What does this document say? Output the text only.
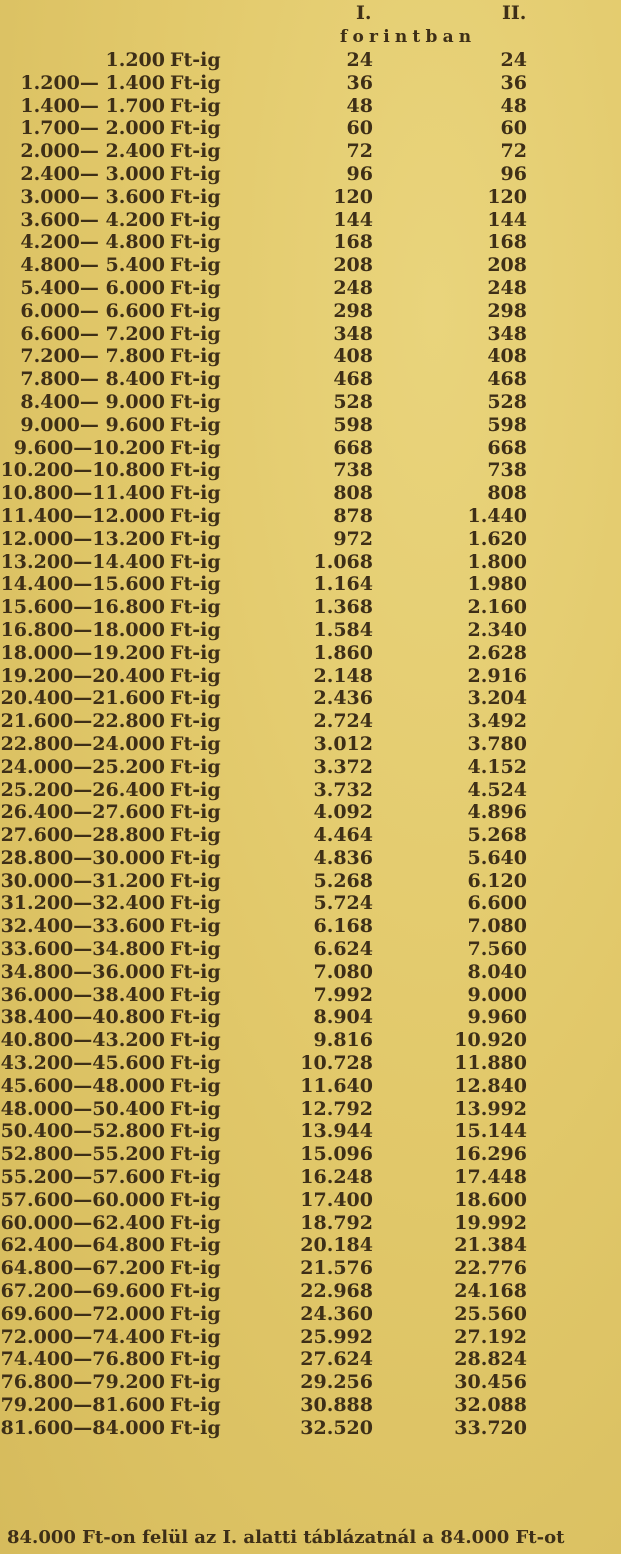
I.	II.
forintban
1.200 Ft-ig	24	24
1.200— 1.400 Ft-ig	36	36
1.400— 1.700 Ft-ig	48	48
1.700— 2.000 Ft-ig	60	60
2.000— 2.400 Ft-ig	72	72
2.400— 3.000 Ft-ig	96	96
3.000— 3.600 Ft-ig	120	120
3.600— 4.200 Ft-ig	144	144
4.200— 4.800 Ft-ig	168	168
4.800— 5.400 Ft-ig	208	208
5.400— 6.000 Ft-ig	248	248
6.000— 6.600 Ft-ig	298	298
6.600— 7.200 Ft-ig	348	348
7.200— 7.800 Ft-ig	408	408
7.800— 8.400 Ft-ig	468	468
8.400— 9.000 Ft-ig	528	528
9.000— 9.600 Ft-ig	598	598
9.600—10.200 Ft-ig	668	668
10.200—10.800 Ft-ig	738	738
10.800—11.400 Ft-ig	808	808
11.400—12.000 Ft-ig	878	1.440
12.000—13.200 Ft-ig	972	1.620
13.200—14.400 Ft-ig	1.068	1.800
14.400—15.600 Ft-ig	1.164	1.980
15.600—16.800 Ft-ig	1.368	2.160
16.800—18.000 Ft-ig	1.584	2.340
18.000—19.200 Ft-ig	1.860	2.628
19.200—20.400 Ft-ig	2.148	2.916
20.400—21.600 Ft-ig	2.436	3.204
21.600—22.800 Ft-ig	2.724	3.492
22.800—24.000 Ft-ig	3.012	3.780
24.000—25.200 Ft-ig	3.372	4.152
25.200—26.400 Ft-ig	3.732	4.524
26.400—27.600 Ft-ig	4.092	4.896
27.600—28.800 Ft-ig	4.464	5.268
28.800—30.000 Ft-ig	4.836	5.640
30.000—31.200 Ft-ig	5.268	6.120
31.200—32.400 Ft-ig	5.724	6.600
32.400—33.600 Ft-ig	6.168	7.080
33.600—34.800 Ft-ig	6.624	7.560
34.800—36.000 Ft-ig	7.080	8.040
36.000—38.400 Ft-ig	7.992	9.000
38.400—40.800 Ft-ig	8.904	9.960
40.800—43.200 Ft-ig	9.816	10.920
43.200—45.600 Ft-ig	10.728	11.880
45.600—48.000 Ft-ig	11.640	12.840
48.000—50.400 Ft-ig	12.792	13.992
50.400—52.800 Ft-ig	13.944	15.144
52.800—55.200 Ft-ig	15.096	16.296
55.200—57.600 Ft-ig	16.248	17.448
57.600—60.000 Ft-ig	17.400	18.600
60.000—62.400 Ft-ig	18.792	19.992
62.400—64.800 Ft-ig	20.184	21.384
64.800—67.200 Ft-ig	21.576	22.776
67.200—69.600 Ft-ig	22.968	24.168
69.600—72.000 Ft-ig	24.360	25.560
72.000—74.400 Ft-ig	25.992	27.192
74.400—76.800 Ft-ig	27.624	28.824
76.800—79.200 Ft-ig	29.256	30.456
79.200—81.600 Ft-ig	30.888	32.088
81.600—84.000 Ft-ig	32.520	33.720
84.000 Ft-on felül az I. alatti táblázatnál a 84.000 Ft-ot
